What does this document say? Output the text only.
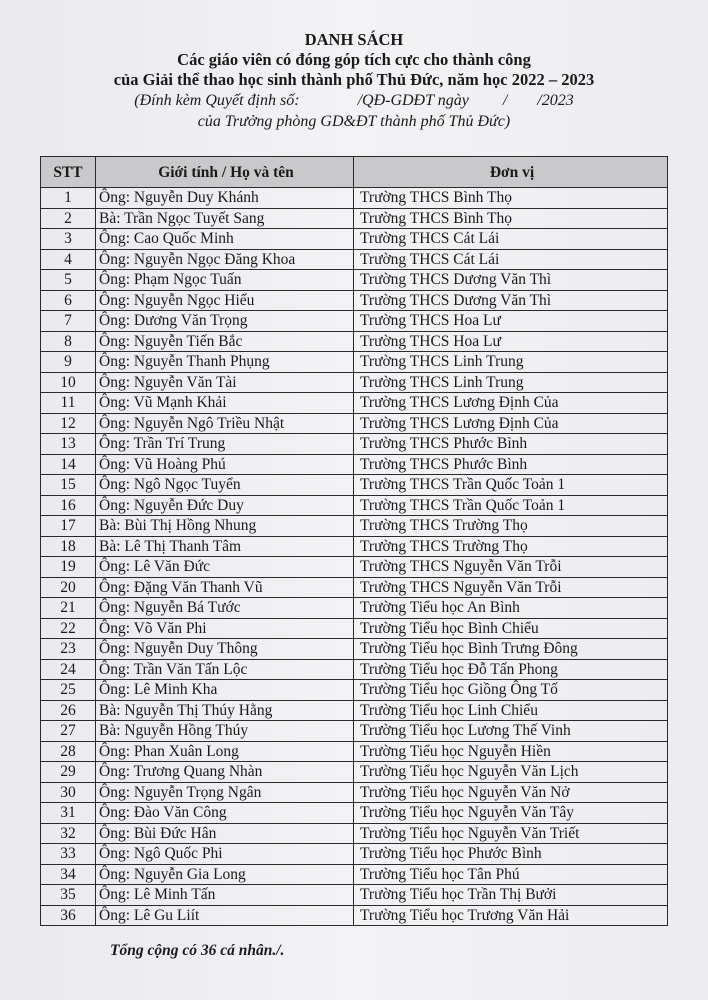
DANH SÁCH
Các giáo viên có đóng góp tích cực cho thành công
của Giải thể thao học sinh thành phố Thủ Đức, năm học 2022 – 2023
(Đính kèm Quyết định số:	/QĐ-GDĐT ngày / /2023
của Trưởng phòng GD&ĐT thành phố Thủ Đức)
STT	Giới tính / Họ và tên	Đơn vị
1	Ông: Nguyễn Duy Khánh	Trường THCS Bình Thọ
2	Bà: Trần Ngọc Tuyết Sang	Trường THCS Bình Thọ
3	Ông: Cao Quốc Minh	Trường THCS Cát Lái
4	Ông: Nguyễn Ngọc Đăng Khoa	Trường THCS Cát Lái
5	Ông: Phạm Ngọc Tuấn	Trường THCS Dương Văn Thì
6	Ông: Nguyễn Ngọc Hiếu	Trường THCS Dương Văn Thì
7	Ông: Dương Văn Trọng	Trường THCS Hoa Lư
8	Ông: Nguyễn Tiến Bắc	Trường THCS Hoa Lư
9	Ông: Nguyễn Thanh Phụng	Trường THCS Linh Trung
10	Ông: Nguyễn Văn Tài	Trường THCS Linh Trung
11	Ông: Vũ Mạnh Khải	Trường THCS Lương Định Của
12	Ông: Nguyễn Ngô Triều Nhật	Trường THCS Lương Định Của
13	Ông: Trần Trí Trung	Trường THCS Phước Bình
14	Ông: Vũ Hoàng Phú	Trường THCS Phước Bình
15	Ông: Ngô Ngọc Tuyển	Trường THCS Trần Quốc Toản 1
16	Ông: Nguyễn Đức Duy	Trường THCS Trần Quốc Toản 1
17	Bà: Bùi Thị Hồng Nhung	Trường THCS Trường Thọ
18	Bà: Lê Thị Thanh Tâm	Trường THCS Trường Thọ
19	Ông: Lê Văn Đức	Trường THCS Nguyễn Văn Trỗi
20	Ông: Đặng Văn Thanh Vũ	Trường THCS Nguyễn Văn Trỗi
21	Ông: Nguyễn Bá Tước	Trường Tiểu học An Bình
22	Ông: Võ Văn Phi	Trường Tiểu học Bình Chiểu
23	Ông: Nguyễn Duy Thông	Trường Tiểu học Bình Trưng Đông
24	Ông: Trần Văn Tấn Lộc	Trường Tiểu học Đỗ Tấn Phong
25	Ông: Lê Minh Kha	Trường Tiểu học Giồng Ông Tố
26	Bà: Nguyễn Thị Thúy Hằng	Trường Tiểu học Linh Chiểu
27	Bà: Nguyễn Hồng Thúy	Trường Tiểu học Lương Thế Vinh
28	Ông: Phan Xuân Long	Trường Tiểu học Nguyễn Hiền
29	Ông: Trương Quang Nhàn	Trường Tiểu học Nguyễn Văn Lịch
30	Ông: Nguyễn Trọng Ngân	Trường Tiểu học Nguyễn Văn Nở
31	Ông: Đào Văn Công	Trường Tiểu học Nguyễn Văn Tây
32	Ông: Bùi Đức Hân	Trường Tiểu học Nguyễn Văn Triết
33	Ông: Ngô Quốc Phi	Trường Tiểu học Phước Bình
34	Ông: Nguyễn Gia Long	Trường Tiểu học Tân Phú
35	Ông: Lê Minh Tấn	Trường Tiểu học Trần Thị Bưởi
36	Ông: Lê Gu Liít	Trường Tiểu học Trương Văn Hải
Tổng cộng có 36 cá nhân./.
